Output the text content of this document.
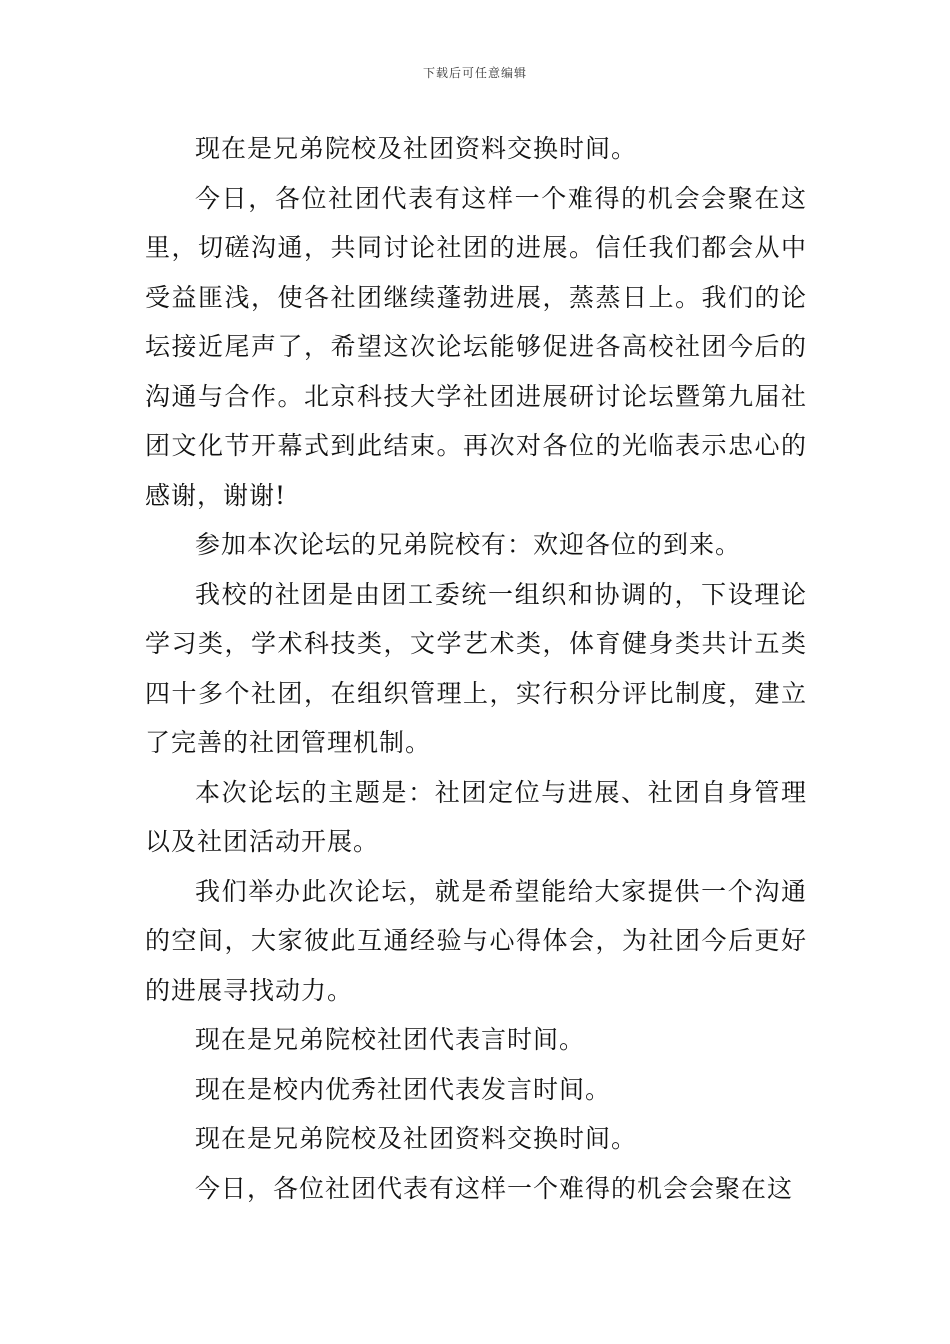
下载后可任意编辑

现在是兄弟院校及社团资料交换时间。

今日，各位社团代表有这样一个难得的机会会聚在这里，切磋沟通，共同讨论社团的进展。信任我们都会从中受益匪浅，使各社团继续蓬勃进展，蒸蒸日上。我们的论坛接近尾声了，希望这次论坛能够促进各高校社团今后的沟通与合作。北京科技大学社团进展研讨论坛暨第九届社团文化节开幕式到此结束。再次对各位的光临表示忠心的感谢，谢谢!

参加本次论坛的兄弟院校有：欢迎各位的到来。

我校的社团是由团工委统一组织和协调的，下设理论学习类，学术科技类，文学艺术类，体育健身类共计五类四十多个社团，在组织管理上，实行积分评比制度，建立了完善的社团管理机制。

本次论坛的主题是：社团定位与进展、社团自身管理以及社团活动开展。

我们举办此次论坛，就是希望能给大家提供一个沟通的空间，大家彼此互通经验与心得体会，为社团今后更好的进展寻找动力。

现在是兄弟院校社团代表言时间。

现在是校内优秀社团代表发言时间。

现在是兄弟院校及社团资料交换时间。

今日，各位社团代表有这样一个难得的机会会聚在这
